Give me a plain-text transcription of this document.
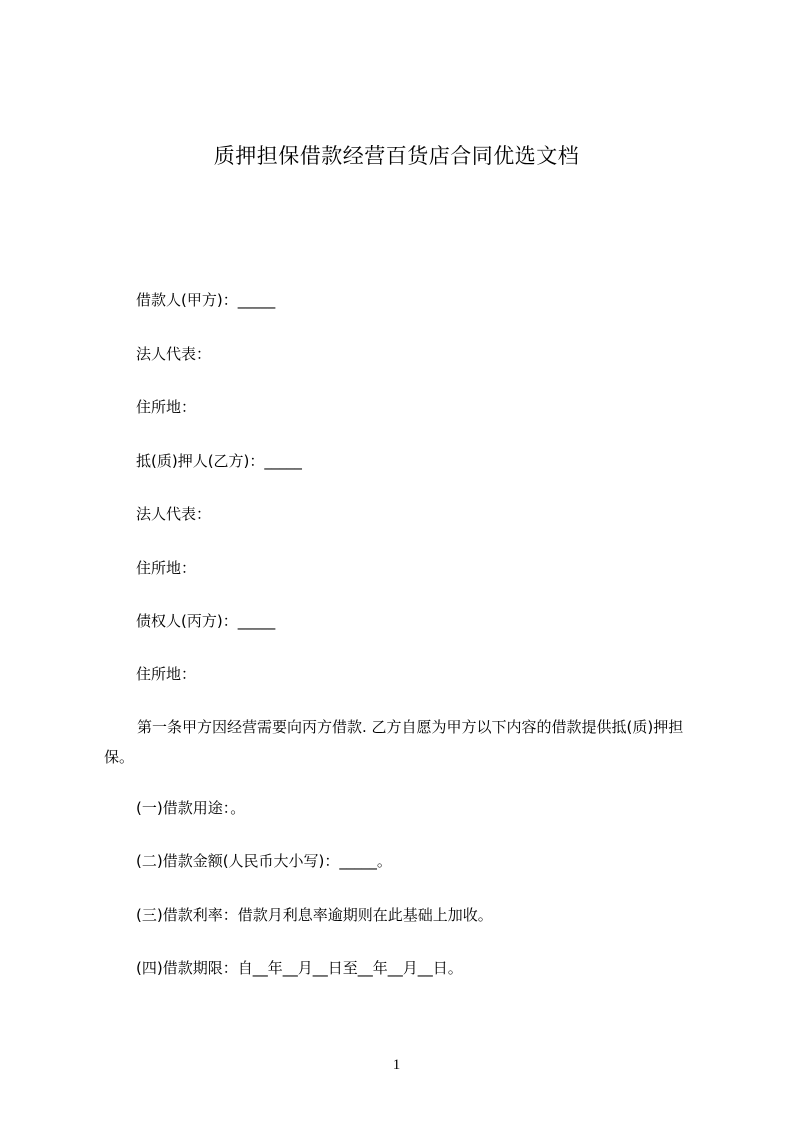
质押担保借款经营百货店合同优选文档
借款人(甲方)：_____
法人代表：
住所地：
抵(质)押人(乙方)：_____
法人代表：
住所地：
债权人(丙方)：_____
住所地：
第一条甲方因经营需要向丙方借款. 乙方自愿为甲方以下内容的借款提供抵(质)押担保。
(一)借款用途：。
(二)借款金额(人民币大小写)：_____。
(三)借款利率：借款月利息率逾期则在此基础上加收。
(四)借款期限：自__年__月__日至__年__月__日。
1
